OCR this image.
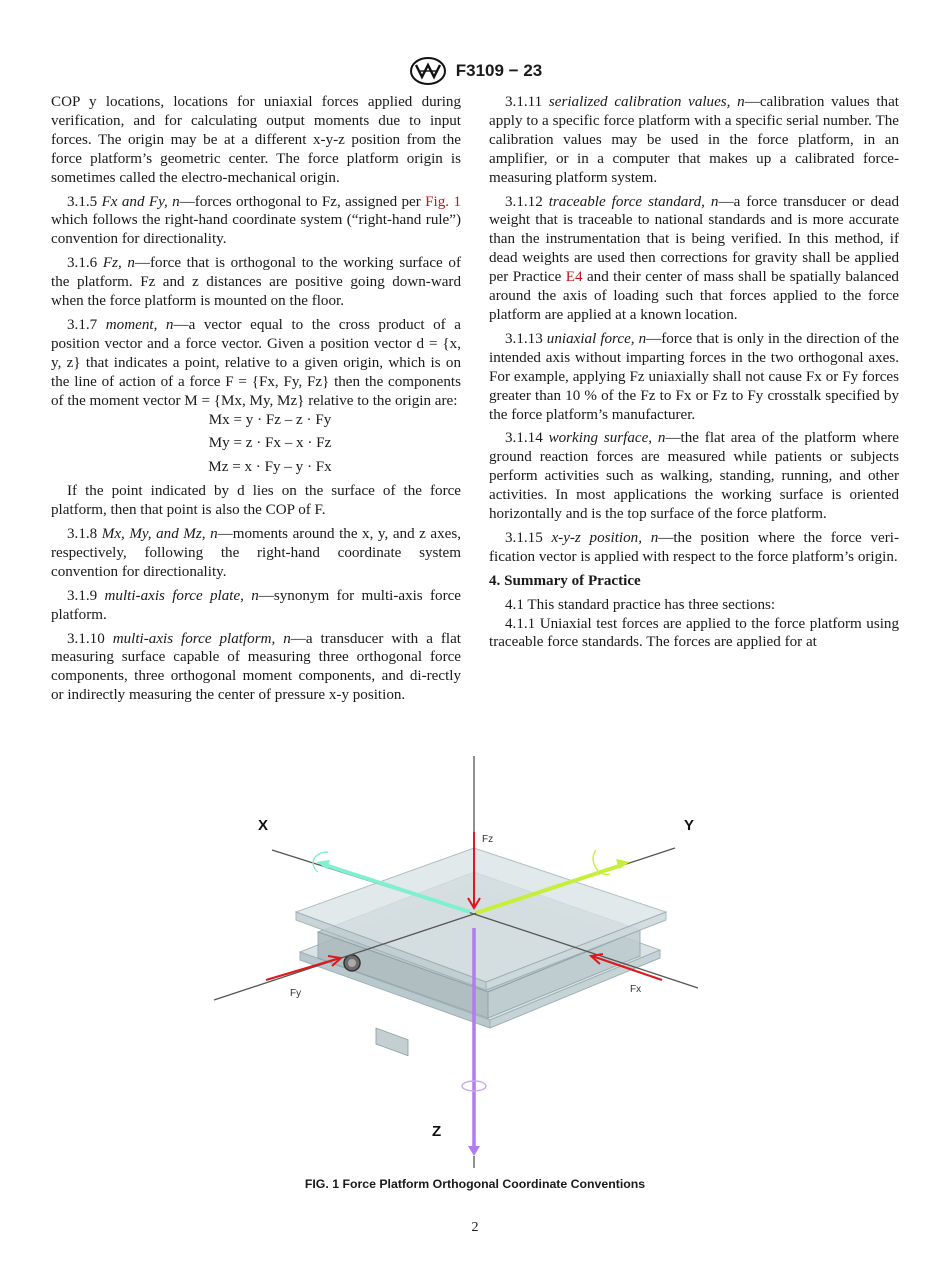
F3109 − 23

COP y locations, locations for uniaxial forces applied during verification, and for calculating output moments due to input forces. The origin may be at a different x-y-z position from the force platform’s geometric center. The force platform origin is sometimes called the electro-mechanical origin.

3.1.5 Fx and Fy, n—forces orthogonal to Fz, assigned per Fig. 1 which follows the right-hand coordinate system (“right-hand rule”) convention for directionality.

3.1.6 Fz, n—force that is orthogonal to the working surface of the platform. Fz and z distances are positive going down-ward when the force platform is mounted on the floor.

3.1.7 moment, n—a vector equal to the cross product of a position vector and a force vector. Given a position vector d = {x, y, z} that indicates a point, relative to a given origin, which is on the line of action of a force F = {Fx, Fy, Fz} then the components of the moment vector M = {Mx, My, Mz} relative to the origin are:

Mx = y · Fz – z · Fy

My = z · Fx – x · Fz

Mz = x · Fy – y · Fx

If the point indicated by d lies on the surface of the force platform, then that point is also the COP of F.

3.1.8 Mx, My, and Mz, n—moments around the x, y, and z axes, respectively, following the right-hand coordinate system convention for directionality.

3.1.9 multi-axis force plate, n—synonym for multi-axis force platform.

3.1.10 multi-axis force platform, n—a transducer with a flat measuring surface capable of measuring three orthogonal force components, three orthogonal moment components, and di-rectly or indirectly measuring the center of pressure x-y position.

3.1.11 serialized calibration values, n—calibration values that apply to a specific force platform with a specific serial number. The calibration values may be used in the force platform, in an amplifier, or in a computer that makes up a calibrated force-measuring platform system.

3.1.12 traceable force standard, n—a force transducer or dead weight that is traceable to national standards and is more accurate than the instrumentation that is being verified. In this method, if dead weights are used then corrections for gravity shall be applied per Practice E4 and their center of mass shall be spatially balanced around the axis of loading such that forces applied to the force platform are applied at a known location.

3.1.13 uniaxial force, n—force that is only in the direction of the intended axis without imparting forces in the two orthogonal axes. For example, applying Fz uniaxially shall not cause Fx or Fy forces greater than 10 % of the Fz to Fx or Fz to Fy crosstalk specified by the force platform’s manufacturer.

3.1.14 working surface, n—the flat area of the platform where ground reaction forces are measured while patients or subjects perform activities such as walking, standing, running, and other activities. In most applications the working surface is oriented horizontally and is the top surface of the force platform.

3.1.15 x-y-z position, n—the position where the force veri-fication vector is applied with respect to the force platform’s origin.

4. Summary of Practice

4.1 This standard practice has three sections:

4.1.1 Uniaxial test forces are applied to the force platform using traceable force standards. The forces are applied for at

X	Y
Z
Fz
Fy	Fx
FIG. 1 Force Platform Orthogonal Coordinate Conventions
2
